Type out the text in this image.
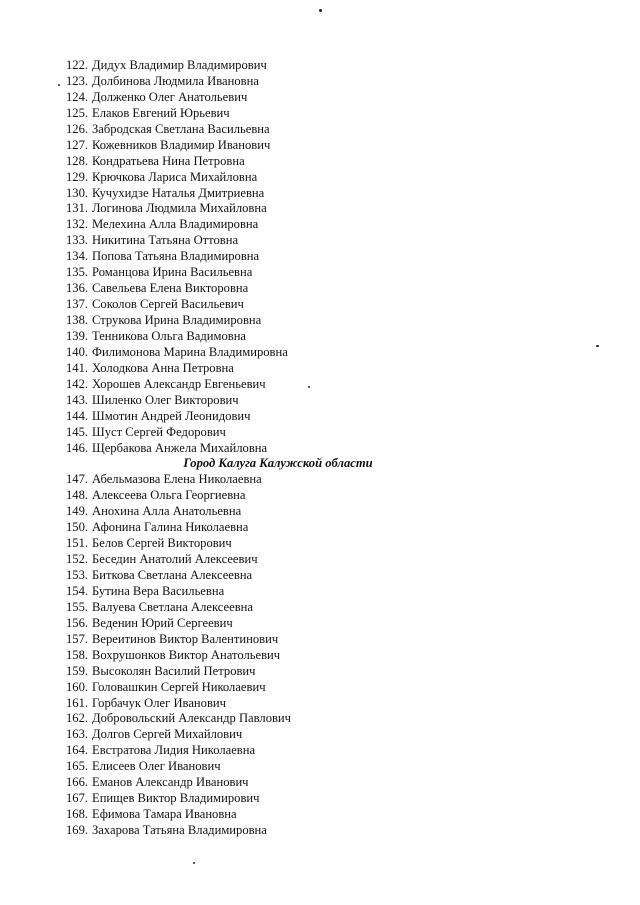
122. Дидух Владимир Владимирович
123. Долбинова Людмила Ивановна
124. Долженко Олег Анатольевич
125. Елаков Евгений Юрьевич
126. Забродская Светлана Васильевна
127. Кожевников Владимир Иванович
128. Кондратьева Нина Петровна
129. Крючкова Лариса Михайловна
130. Кучухидзе Наталья Дмитриевна
131. Логинова Людмила Михайловна
132. Мелехина Алла Владимировна
133. Никитина Татьяна Оттовна
134. Попова Татьяна Владимировна
135. Романцова Ирина Васильевна
136. Савельева Елена Викторовна
137. Соколов Сергей Васильевич
138. Струкова Ирина Владимировна
139. Тенникова Ольга Вадимовна
140. Филимонова Марина Владимировна
141. Холодкова Анна Петровна
142. Хорошев Александр Евгеньевич
143. Шиленко Олег Викторович
144. Шмотин Андрей Леонидович
145. Шуст Сергей Федорович
146. Щербакова Анжела Михайловна
Город Калуга Калужской области
147. Абельмазова Елена Николаевна
148. Алексеева Ольга Георгиевна
149. Анохина Алла Анатольевна
150. Афонина Галина Николаевна
151. Белов Сергей Викторович
152. Беседин Анатолий Алексеевич
153. Биткова Светлана Алексеевна
154. Бутина Вера Васильевна
155. Валуева Светлана Алексеевна
156. Веденин Юрий Сергеевич
157. Вереитинов Виктор Валентинович
158. Вохрушонков Виктор Анатольевич
159. Высоколян Василий Петрович
160. Головашкин Сергей Николаевич
161. Горбачук Олег Иванович
162. Добровольский Александр Павлович
163. Долгов Сергей Михайлович
164. Евстратова Лидия Николаевна
165. Елисеев Олег Иванович
166. Еманов Александр Иванович
167. Епищев Виктор Владимирович
168. Ефимова Тамара Ивановна
169. Захарова Татьяна Владимировна
